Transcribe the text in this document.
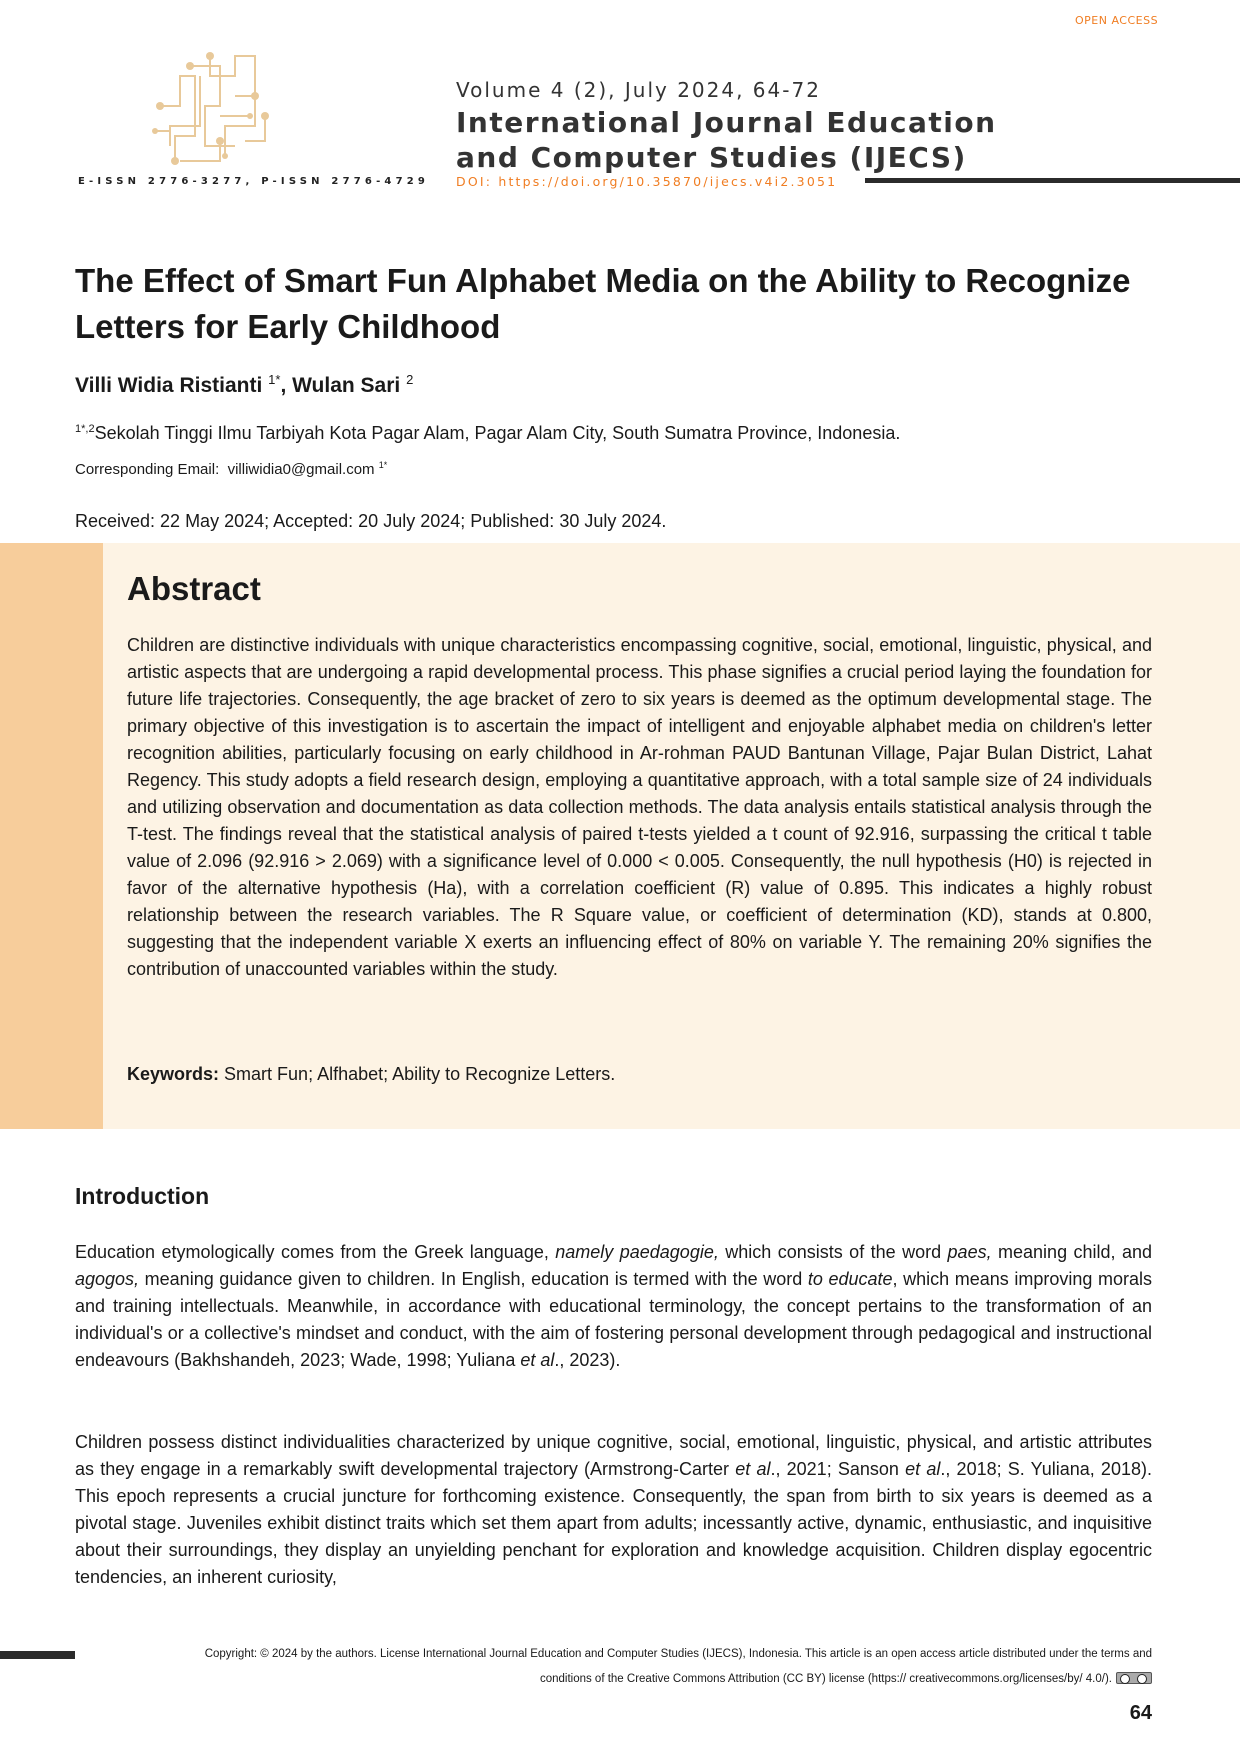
OPEN ACCESS
E-ISSN 2776-3277, P-ISSN 2776-4729
Volume 4 (2), July 2024, 64-72
International Journal Education and Computer Studies (IJECS)
DOI: https://doi.org/10.35870/ijecs.v4i2.3051
The Effect of Smart Fun Alphabet Media on the Ability to Recognize Letters for Early Childhood
Villi Widia Ristianti $^{1*}$, Wulan Sari $^2$
$^{1*,2}$Sekolah Tinggi Ilmu Tarbiyah Kota Pagar Alam, Pagar Alam City, South Sumatra Province, Indonesia.
Corresponding Email: villiwidia0@gmail.com $^{1*}$
Received: 22 May 2024; Accepted: 20 July 2024; Published: 30 July 2024.
Abstract
Children are distinctive individuals with unique characteristics encompassing cognitive, social, emotional, linguistic, physical, and artistic aspects that are undergoing a rapid developmental process. This phase signifies a crucial period laying the foundation for future life trajectories. Consequently, the age bracket of zero to six years is deemed as the optimum developmental stage. The primary objective of this investigation is to ascertain the impact of intelligent and enjoyable alphabet media on children's letter recognition abilities, particularly focusing on early childhood in Ar-rohman PAUD Bantunan Village, Pajar Bulan District, Lahat Regency. This study adopts a field research design, employing a quantitative approach, with a total sample size of 24 individuals and utilizing observation and documentation as data collection methods. The data analysis entails statistical analysis through the T-test. The findings reveal that the statistical analysis of paired t-tests yielded a t count of 92.916, surpassing the critical t table value of 2.096 (92.916 > 2.069) with a significance level of 0.000 < 0.005. Consequently, the null hypothesis (H0) is rejected in favor of the alternative hypothesis (Ha), with a correlation coefficient (R) value of 0.895. This indicates a highly robust relationship between the research variables. The R Square value, or coefficient of determination (KD), stands at 0.800, suggesting that the independent variable X exerts an influencing effect of 80% on variable Y. The remaining 20% signifies the contribution of unaccounted variables within the study.
Keywords: Smart Fun; Alfhabet; Ability to Recognize Letters.
Introduction
Education etymologically comes from the Greek language, namely paedagogie, which consists of the word paes, meaning child, and agogos, meaning guidance given to children. In English, education is termed with the word to educate, which means improving morals and training intellectuals. Meanwhile, in accordance with educational terminology, the concept pertains to the transformation of an individual's or a collective's mindset and conduct, with the aim of fostering personal development through pedagogical and instructional endeavours (Bakhshandeh, 2023; Wade, 1998; Yuliana et al., 2023).
Children possess distinct individualities characterized by unique cognitive, social, emotional, linguistic, physical, and artistic attributes as they engage in a remarkably swift developmental trajectory (Armstrong-Carter et al., 2021; Sanson et al., 2018; S. Yuliana, 2018). This epoch represents a crucial juncture for forthcoming existence. Consequently, the span from birth to six years is deemed as a pivotal stage. Juveniles exhibit distinct traits which set them apart from adults; incessantly active, dynamic, enthusiastic, and inquisitive about their surroundings, they display an unyielding penchant for exploration and knowledge acquisition. Children display egocentric tendencies, an inherent curiosity,
Copyright: © 2024 by the authors. License International Journal Education and Computer Studies (IJECS), Indonesia. This article is an open access article distributed under the terms and
conditions of the Creative Commons Attribution (CC BY) license (https:// creativecommons.org/licenses/by/ 4.0/).
64
